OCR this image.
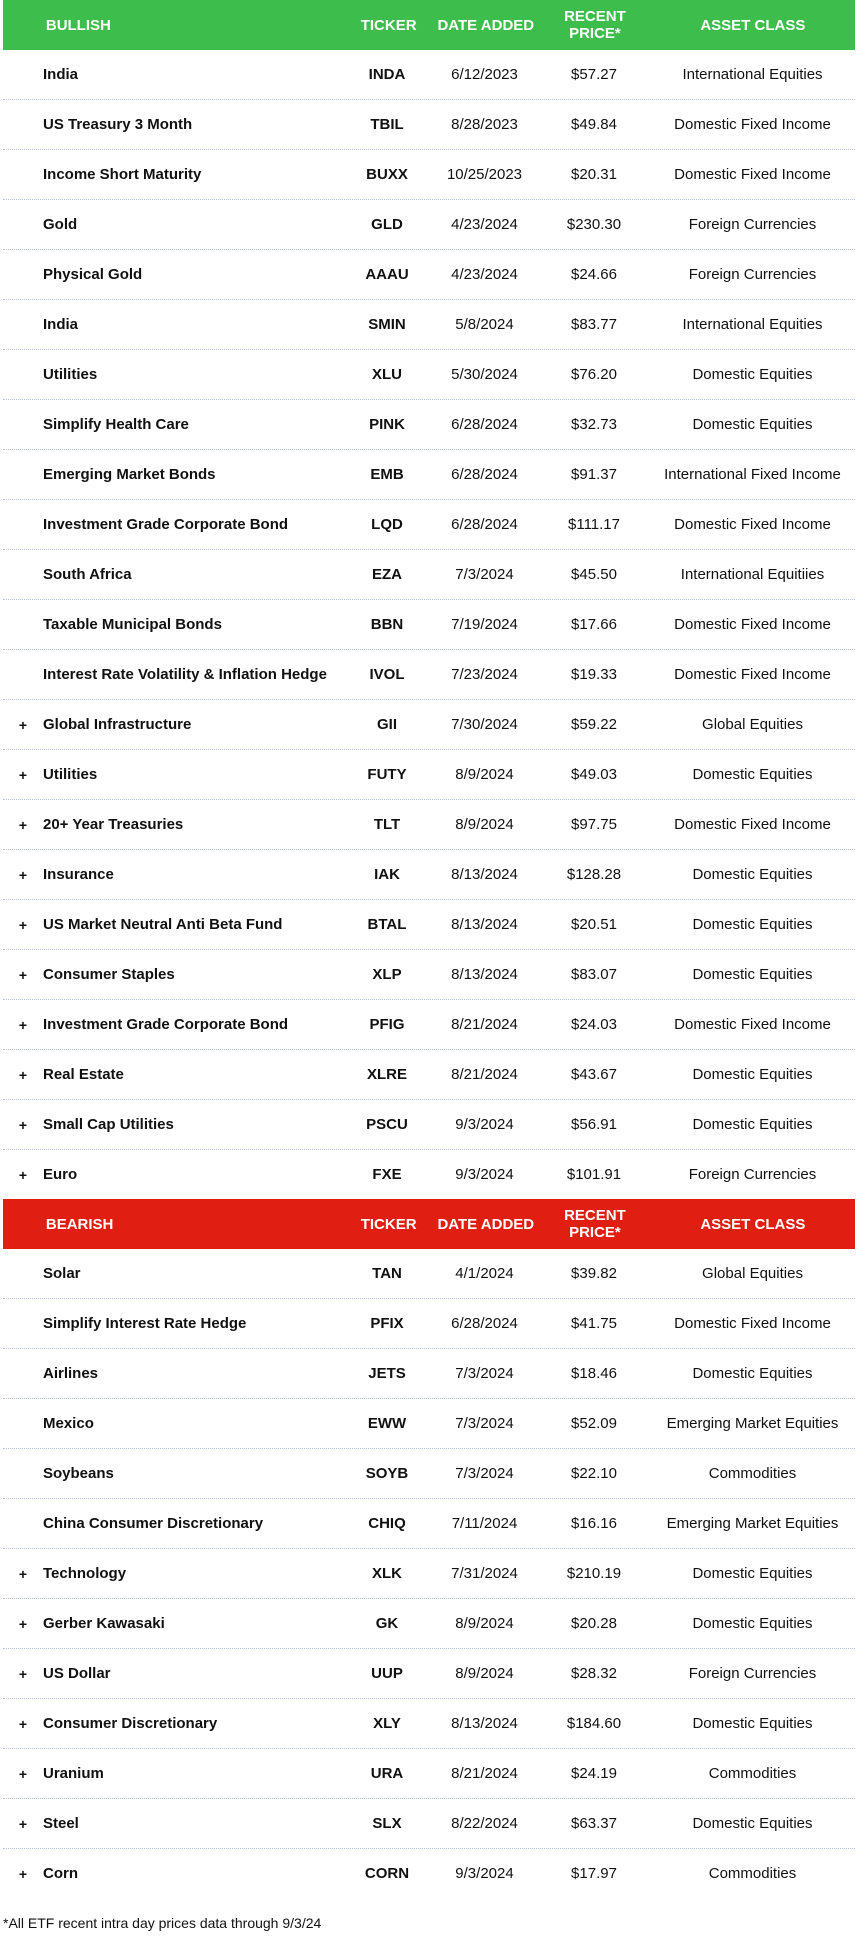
BULLISH	TICKER	DATE ADDED	RECENT PRICE*	ASSET CLASS
India	INDA	6/12/2023	$57.27	International Equities
US Treasury 3 Month	TBIL	8/28/2023	$49.84	Domestic Fixed Income
Income Short Maturity	BUXX	10/25/2023	$20.31	Domestic Fixed Income
Gold	GLD	4/23/2024	$230.30	Foreign Currencies
Physical Gold	AAAU	4/23/2024	$24.66	Foreign Currencies
India	SMIN	5/8/2024	$83.77	International Equities
Utilities	XLU	5/30/2024	$76.20	Domestic Equities
Simplify Health Care	PINK	6/28/2024	$32.73	Domestic Equities
Emerging Market Bonds	EMB	6/28/2024	$91.37	International Fixed Income
Investment Grade Corporate Bond	LQD	6/28/2024	$111.17	Domestic Fixed Income
South Africa	EZA	7/3/2024	$45.50	International Equitiies
Taxable Municipal Bonds	BBN	7/19/2024	$17.66	Domestic Fixed Income
Interest Rate Volatility & Inflation Hedge	IVOL	7/23/2024	$19.33	Domestic Fixed Income
+	Global Infrastructure	GII	7/30/2024	$59.22	Global Equities
+	Utilities	FUTY	8/9/2024	$49.03	Domestic Equities
+	20+ Year Treasuries	TLT	8/9/2024	$97.75	Domestic Fixed Income
+	Insurance	IAK	8/13/2024	$128.28	Domestic Equities
+	US Market Neutral Anti Beta Fund	BTAL	8/13/2024	$20.51	Domestic Equities
+	Consumer Staples	XLP	8/13/2024	$83.07	Domestic Equities
+	Investment Grade Corporate Bond	PFIG	8/21/2024	$24.03	Domestic Fixed Income
+	Real Estate	XLRE	8/21/2024	$43.67	Domestic Equities
+	Small Cap Utilities	PSCU	9/3/2024	$56.91	Domestic Equities
+	Euro	FXE	9/3/2024	$101.91	Foreign Currencies
BEARISH	TICKER	DATE ADDED	RECENT PRICE*	ASSET CLASS
Solar	TAN	4/1/2024	$39.82	Global Equities
Simplify Interest Rate Hedge	PFIX	6/28/2024	$41.75	Domestic Fixed Income
Airlines	JETS	7/3/2024	$18.46	Domestic Equities
Mexico	EWW	7/3/2024	$52.09	Emerging Market Equities
Soybeans	SOYB	7/3/2024	$22.10	Commodities
China Consumer Discretionary	CHIQ	7/11/2024	$16.16	Emerging Market Equities
+	Technology	XLK	7/31/2024	$210.19	Domestic Equities
+	Gerber Kawasaki	GK	8/9/2024	$20.28	Domestic Equities
+	US Dollar	UUP	8/9/2024	$28.32	Foreign Currencies
+	Consumer Discretionary	XLY	8/13/2024	$184.60	Domestic Equities
+	Uranium	URA	8/21/2024	$24.19	Commodities
+	Steel	SLX	8/22/2024	$63.37	Domestic Equities
+	Corn	CORN	9/3/2024	$17.97	Commodities
*All ETF recent intra day prices data through 9/3/24
